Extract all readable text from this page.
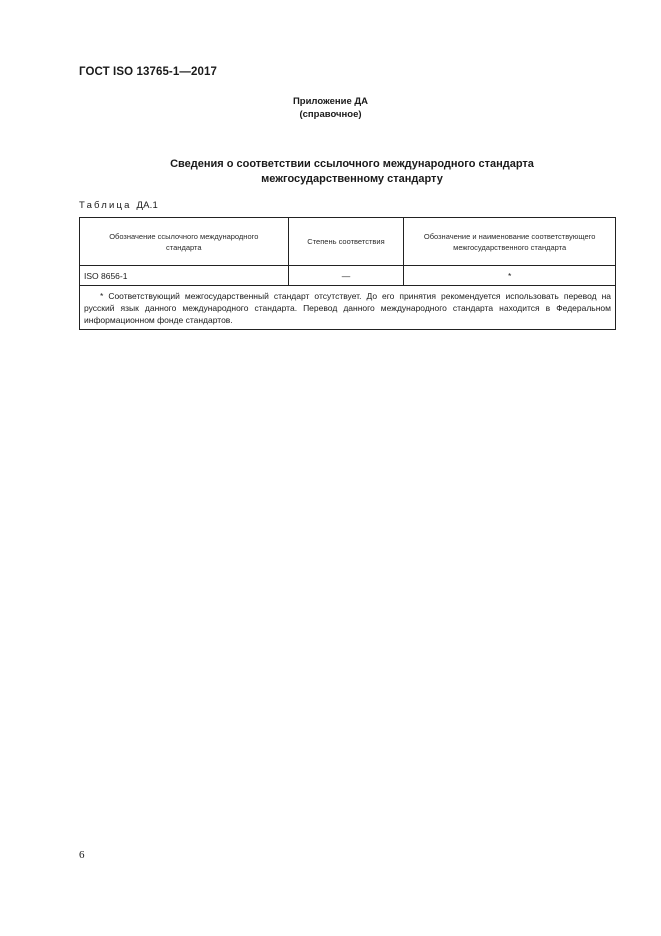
ГОСТ ISO 13765-1—2017
Приложение ДА
(справочное)
Сведения о соответствии ссылочного международного стандарта
межгосударственному стандарту
Таблица ДА.1
Обозначение ссылочного международного стандарта	Степень соответствия	Обозначение и наименование соответствующего межгосударственного стандарта
ISO 8656-1	—	*
* Соответствующий межгосударственный стандарт отсутствует. До его принятия рекомендуется использовать перевод на русский язык данного международного стандарта. Перевод данного международного стандарта находится в Федеральном информационном фонде стандартов.		
6
